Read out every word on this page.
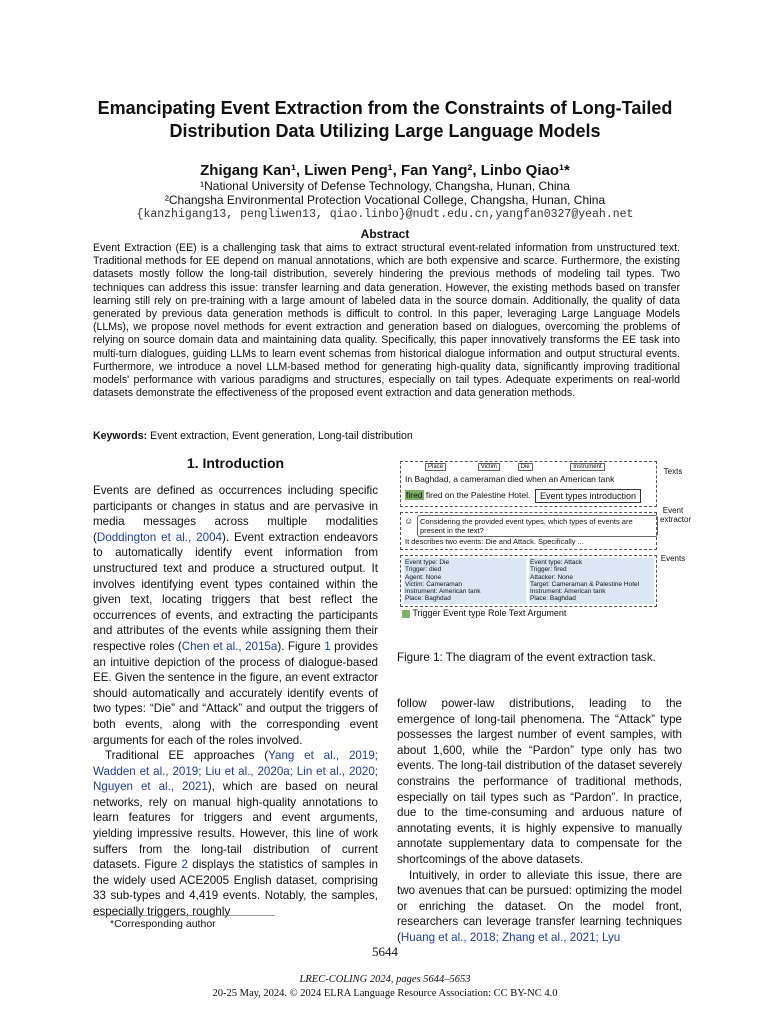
Emancipating Event Extraction from the Constraints of Long-Tailed
Distribution Data Utilizing Large Language Models
Zhigang Kan¹, Liwen Peng¹, Fan Yang², Linbo Qiao¹*
¹National University of Defense Technology, Changsha, Hunan, China
²Changsha Environmental Protection Vocational College, Changsha, Hunan, China
{kanzhigang13, pengliwen13, qiao.linbo}@nudt.edu.cn,yangfan0327@yeah.net
Abstract
Event Extraction (EE) is a challenging task that aims to extract structural event-related information from unstructured text. Traditional methods for EE depend on manual annotations, which are both expensive and scarce. Furthermore, the existing datasets mostly follow the long-tail distribution, severely hindering the previous methods of modeling tail types. Two techniques can address this issue: transfer learning and data generation. However, the existing methods based on transfer learning still rely on pre-training with a large amount of labeled data in the source domain. Additionally, the quality of data generated by previous data generation methods is difficult to control. In this paper, leveraging Large Language Models (LLMs), we propose novel methods for event extraction and generation based on dialogues, overcoming the problems of relying on source domain data and maintaining data quality. Specifically, this paper innovatively transforms the EE task into multi-turn dialogues, guiding LLMs to learn event schemas from historical dialogue information and output structural events. Furthermore, we introduce a novel LLM-based method for generating high-quality data, significantly improving traditional models' performance with various paradigms and structures, especially on tail types. Adequate experiments on real-world datasets demonstrate the effectiveness of the proposed event extraction and data generation methods.
Keywords: Event extraction, Event generation, Long-tail distribution
1. Introduction

Events are defined as occurrences including specific participants or changes in status and are pervasive in media messages across multiple modalities (Doddington et al., 2004). Event extraction endeavors to automatically identify event information from unstructured text and produce a structured output. It involves identifying event types contained within the given text, locating triggers that best reflect the occurrences of events, and extracting the participants and attributes of the events while assigning them their respective roles (Chen et al., 2015a). Figure 1 provides an intuitive depiction of the process of dialogue-based EE. Given the sentence in the figure, an event extractor should automatically and accurately identify events of two types: “Die” and “Attack” and output the triggers of both events, along with the corresponding event arguments for each of the roles involved.

Traditional EE approaches (Yang et al., 2019; Wadden et al., 2019; Liu et al., 2020a; Lin et al., 2020; Nguyen et al., 2021), which are based on neural networks, rely on manual high-quality annotations to learn features for triggers and event arguments, yielding impressive results. However, this line of work suffers from the long-tail distribution of current datasets. Figure 2 displays the statistics of samples in the widely used ACE2005 English dataset, comprising 33 sub-types and 4,419 events. Notably, the samples, especially triggers, roughly

Place	Victim	Die	Instrument
In Baghdad, a cameraman died when an American tank
fired fired on the Palestine Hotel.	Event types introduction
☺ Considering the provided event types, which types of events are present in the text?
It describes two events: Die and Attack. Specifically ...
Event type: Die
Trigger: died
Agent: None
Victim: Cameraman
Instrument: American tank
Place: Baghdad
Event type: Attack
Trigger: fired
Attacker: None
Target: Cameraman & Palestine Hotel
Instrument: American tank
Place: Baghdad
Texts
Event extractor
Events
Trigger Event type Role Text Argument
Figure 1: The diagram of the event extraction task.

follow power-law distributions, leading to the emergence of long-tail phenomena. The “Attack” type possesses the largest number of event samples, with about 1,600, while the “Pardon” type only has two events. The long-tail distribution of the dataset severely constrains the performance of traditional methods, especially on tail types such as “Pardon”. In practice, due to the time-consuming and arduous nature of annotating events, it is highly expensive to manually annotate supplementary data to compensate for the shortcomings of the above datasets.

Intuitively, in order to alleviate this issue, there are two avenues that can be pursued: optimizing the model or enriching the dataset. On the model front, researchers can leverage transfer learning techniques (Huang et al., 2018; Zhang et al., 2021; Lyu

*Corresponding author
5644
LREC-COLING 2024, pages 5644–5653
20-25 May, 2024. © 2024 ELRA Language Resource Association: CC BY-NC 4.0
